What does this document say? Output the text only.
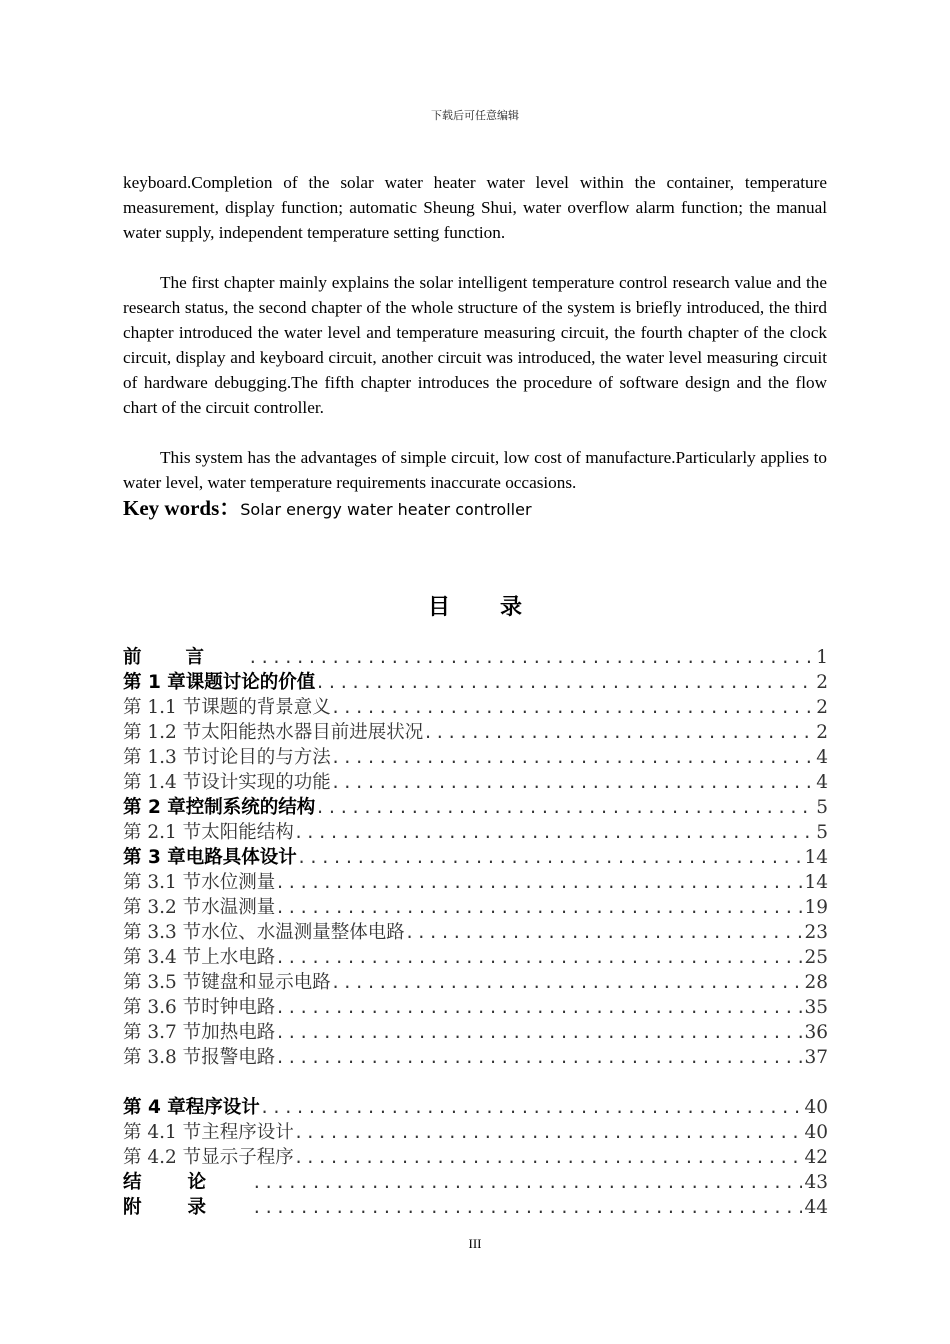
下载后可任意编辑

keyboard.Completion of the solar water heater water level within the container, temperature measurement, display function; automatic Sheung Shui, water overflow alarm function; the manual water supply, independent temperature setting function.

The first chapter mainly explains the solar intelligent temperature control research value and the research status, the second chapter of the whole structure of the system is briefly introduced, the third chapter introduced the water level and temperature measuring circuit, the fourth chapter of the clock circuit, display and keyboard circuit, another circuit was introduced, the water level measuring circuit of hardware debugging.The fifth chapter introduces the procedure of software design and the flow chart of the circuit controller.

This system has the advantages of simple circuit, low cost of manufacture.Particularly applies to water level, water temperature requirements inaccurate occasions.

Key words：Solar energy water heater controller
目录
前言 .....	1
第 1 章 课题讨论的价值 .....	2
第 1.1 节 课题的背景意义 .....	2
第 1.2 节 太阳能热水器目前进展状况 .....	2
第 1.3 节 讨论目的与方法 .....	4
第 1.4 节 设计实现的功能 .....	4
第 2 章 控制系统的结构 .....	5
第 2.1 节 太阳能结构 .....	5
第 3 章 电路具体设计 .....	14
第 3.1 节 水位测量 .....	14
第 3.2 节 水温测量 .....	19
第 3.3 节 水位、水温测量整体电路 .....	23
第 3.4 节 上水电路 .....	25
第 3.5 节 键盘和显示电路 .....	28
第 3.6 节 时钟电路 .....	35
第 3.7 节 加热电路 .....	36
第 3.8 节 报警电路 .....	37
第 4 章 程序设计 .....	40
第 4.1 节 主程序设计 .....	40
第 4.2 节 显示子程序 .....	42
结论 .....	43
附录 .....	44
III
